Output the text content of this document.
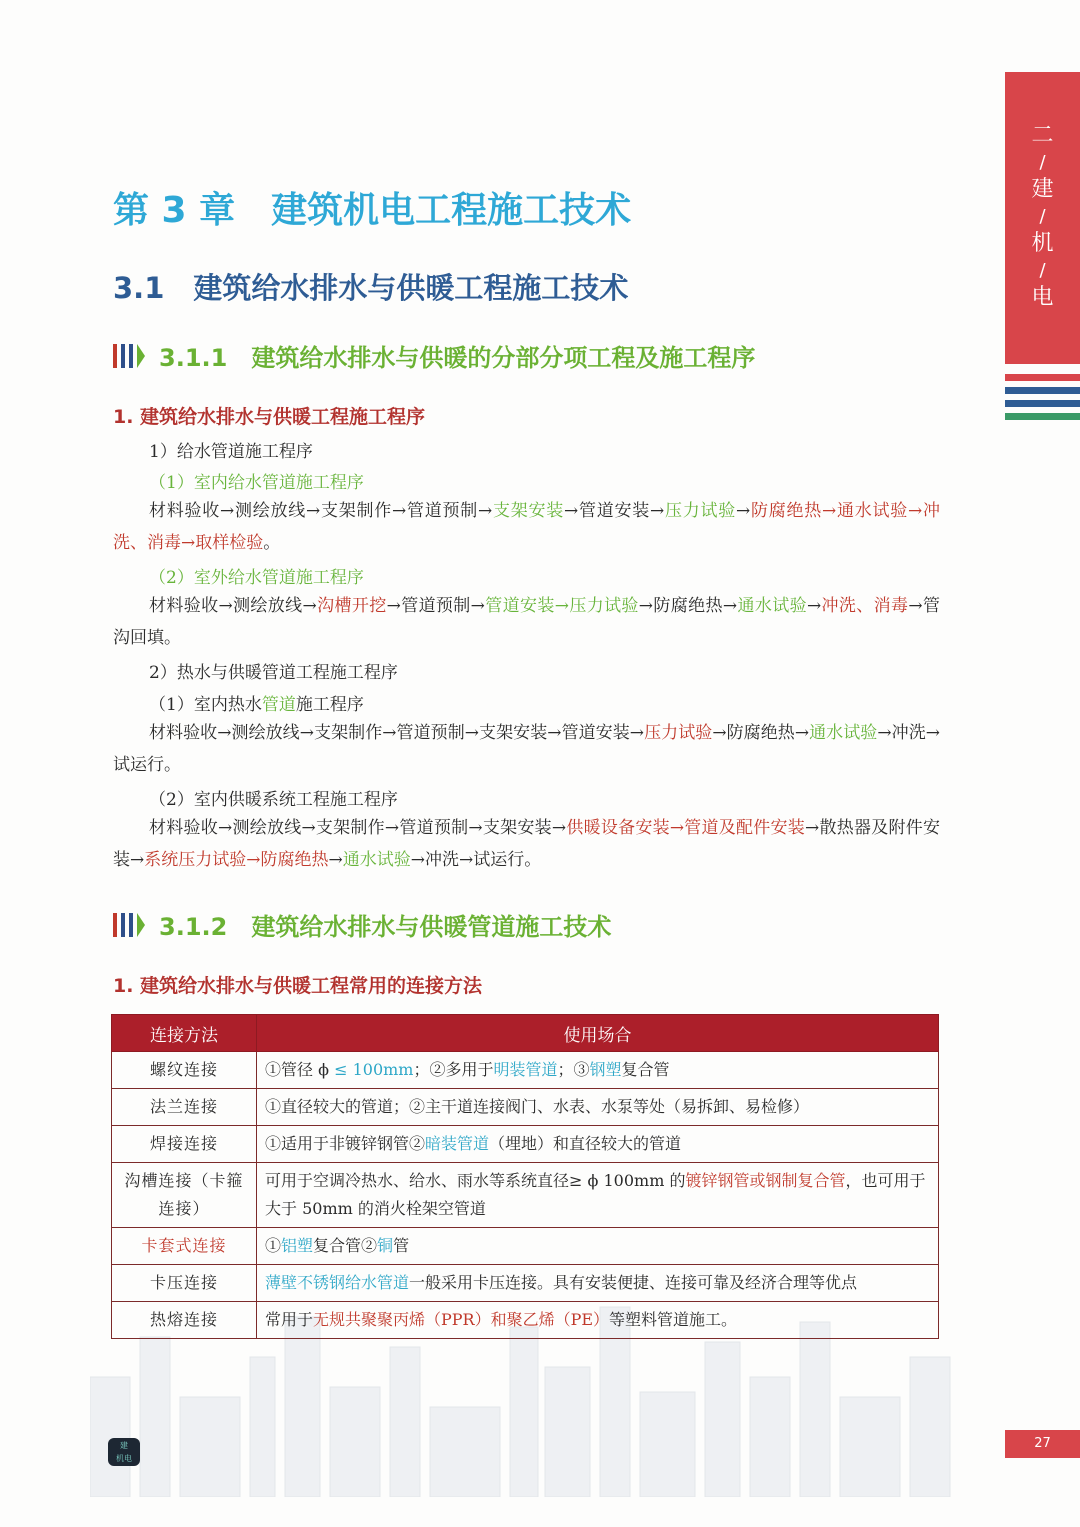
二
/
建
/
机
/
电
第 3 章　建筑机电工程施工技术
3.1　建筑给水排水与供暖工程施工技术
3.1.1　建筑给水排水与供暖的分部分项工程及施工程序
1. 建筑给水排水与供暖工程施工程序
1）给水管道施工程序
（1）室内给水管道施工程序
材料验收→测绘放线→支架制作→管道预制→支架安装→管道安装→压力试验→防腐绝热→通水试验→冲洗、消毒→取样检验。
（2）室外给水管道施工程序
材料验收→测绘放线→沟槽开挖→管道预制→管道安装→压力试验→防腐绝热→通水试验→冲洗、消毒→管沟回填。
2）热水与供暖管道工程施工程序
（1）室内热水管道施工程序
材料验收→测绘放线→支架制作→管道预制→支架安装→管道安装→压力试验→防腐绝热→通水试验→冲洗→试运行。
（2）室内供暖系统工程施工程序
材料验收→测绘放线→支架制作→管道预制→支架安装→供暖设备安装→管道及配件安装→散热器及附件安装→系统压力试验→防腐绝热→通水试验→冲洗→试运行。
3.1.2　建筑给水排水与供暖管道施工技术
1. 建筑给水排水与供暖工程常用的连接方法
连接方法	使用场合
螺纹连接	①管径 ϕ ≤ 100mm；②多用于明装管道；③钢塑复合管
法兰连接	①直径较大的管道；②主干道连接阀门、水表、水泵等处（易拆卸、易检修）
焊接连接	①适用于非镀锌钢管②暗装管道（埋地）和直径较大的管道
沟槽连接（卡箍连接）	可用于空调冷热水、给水、雨水等系统直径≥ ϕ 100mm 的镀锌钢管或钢制复合管，也可用于大于 50mm 的消火栓架空管道
卡套式连接	①铝塑复合管②铜管
卡压连接	薄壁不锈钢给水管道一般采用卡压连接。具有安装便捷、连接可靠及经济合理等优点
热熔连接	常用于无规共聚聚丙烯（PPR）和聚乙烯（PE）等塑料管道施工。
建
机电
27
